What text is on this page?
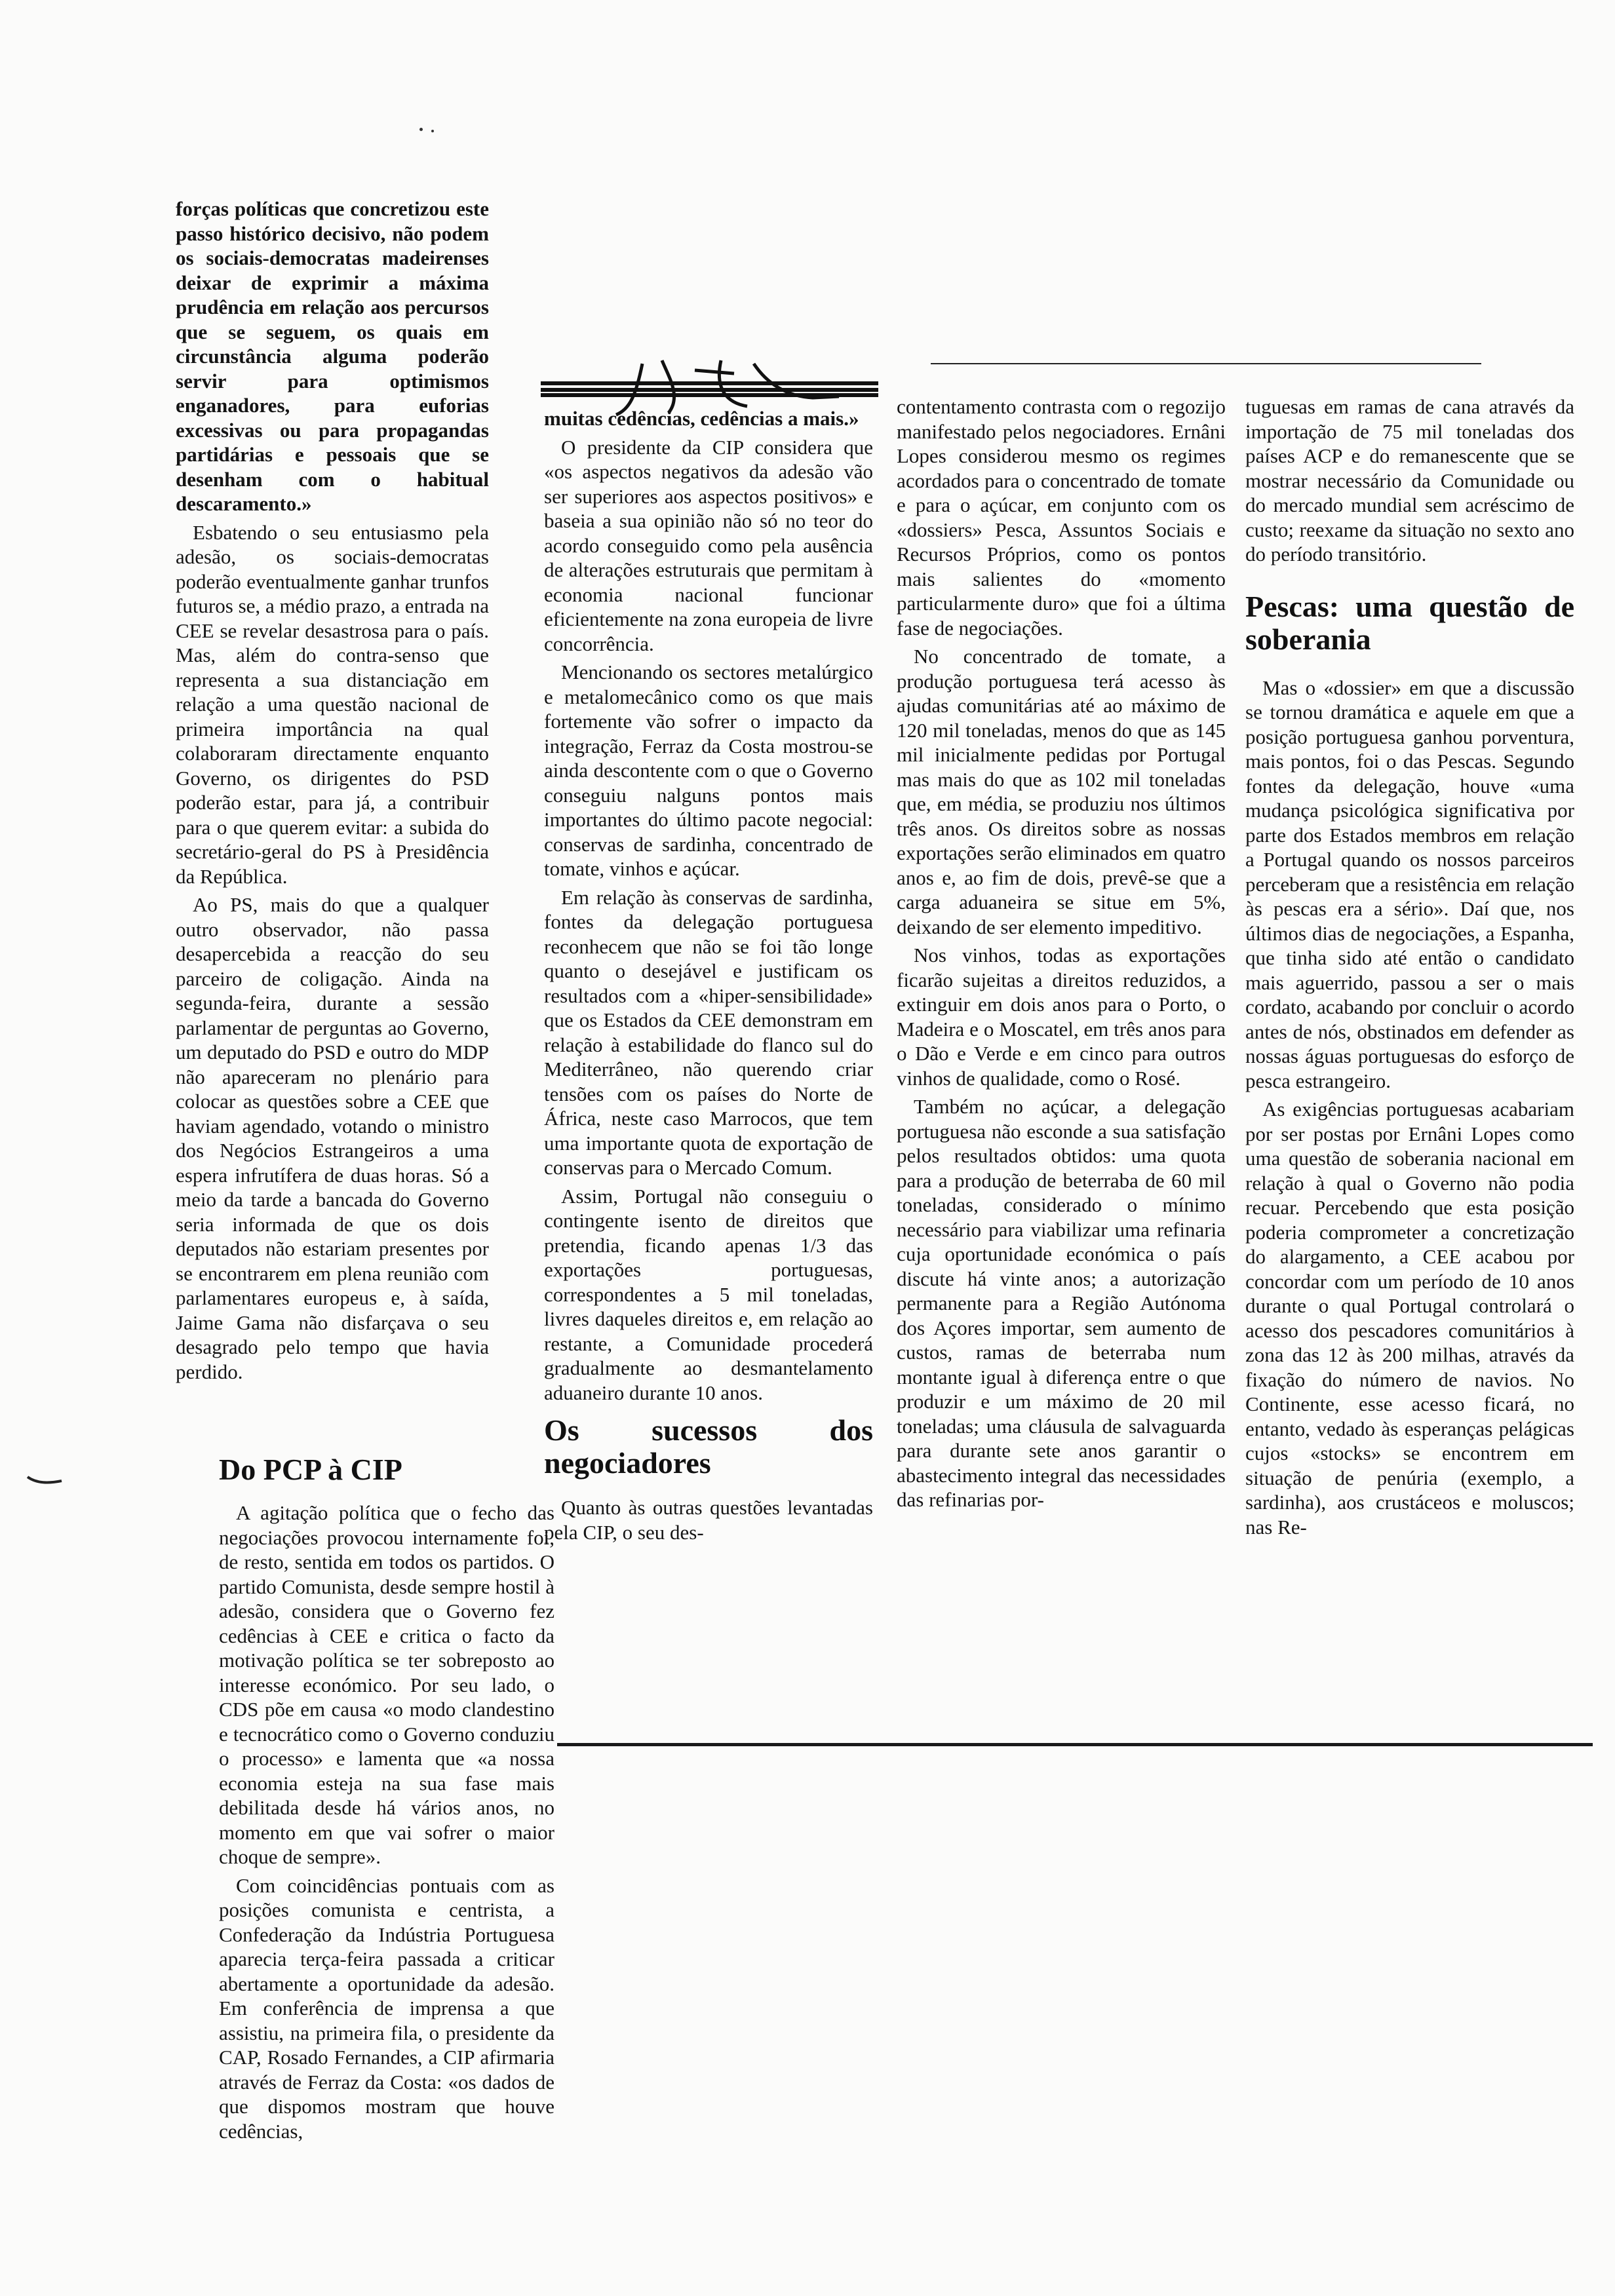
forças políticas que concretizou este passo histórico decisivo, não podem os sociais-democratas madeirenses deixar de exprimir a máxima prudência em relação aos percursos que se seguem, os quais em circunstância alguma poderão servir para optimismos enganadores, para euforias excessivas ou para propagandas partidárias e pessoais que se desenham com o habitual descaramento.»

Esbatendo o seu entusiasmo pela adesão, os sociais-democratas poderão eventualmente ganhar trunfos futuros se, a médio prazo, a entrada na CEE se revelar desastrosa para o país. Mas, além do contra-senso que representa a sua distanciação em relação a uma questão nacional de primeira importância na qual colaboraram directamente enquanto Governo, os dirigentes do PSD poderão estar, para já, a contribuir para o que querem evitar: a subida do secretário-geral do PS à Presidência da República.

Ao PS, mais do que a qualquer outro observador, não passa desapercebida a reacção do seu parceiro de coligação. Ainda na segunda-feira, durante a sessão parlamentar de perguntas ao Governo, um deputado do PSD e outro do MDP não apareceram no plenário para colocar as questões sobre a CEE que haviam agendado, votando o ministro dos Negócios Estrangeiros a uma espera infrutífera de duas horas. Só a meio da tarde a bancada do Governo seria informada de que os dois deputados não estariam presentes por se encontrarem em plena reunião com parlamentares europeus e, à saída, Jaime Gama não disfarçava o seu desagrado pelo tempo que havia perdido.

Do PCP à CIP

A agitação política que o fecho das negociações provocou internamente foi, de resto, sentida em todos os partidos. O partido Comunista, desde sempre hostil à adesão, considera que o Governo fez cedências à CEE e critica o facto da motivação política se ter sobreposto ao interesse económico. Por seu lado, o CDS põe em causa «o modo clandestino e tecnocrático como o Governo conduziu o processo» e lamenta que «a nossa economia esteja na sua fase mais debilitada desde há vários anos, no momento em que vai sofrer o maior choque de sempre».

Com coincidências pontuais com as posições comunista e centrista, a Confederação da Indústria Portuguesa aparecia terça-feira passada a criticar abertamente a oportunidade da adesão. Em conferência de imprensa a que assistiu, na primeira fila, o presidente da CAP, Rosado Fernandes, a CIP afirmaria através de Ferraz da Costa: «os dados de que dispomos mostram que houve cedências,

muitas cedências, cedências a mais.»

O presidente da CIP considera que «os aspectos negativos da adesão vão ser superiores aos aspectos positivos» e baseia a sua opinião não só no teor do acordo conseguido como pela ausência de alterações estruturais que permitam à economia nacional funcionar eficientemente na zona europeia de livre concorrência.

Mencionando os sectores metalúrgico e metalomecânico como os que mais fortemente vão sofrer o impacto da integração, Ferraz da Costa mostrou-se ainda descontente com o que o Governo conseguiu nalguns pontos mais importantes do último pacote negocial: conservas de sardinha, concentrado de tomate, vinhos e açúcar.

Em relação às conservas de sardinha, fontes da delegação portuguesa reconhecem que não se foi tão longe quanto o desejável e justificam os resultados com a «hiper-sensibilidade» que os Estados da CEE demonstram em relação à estabilidade do flanco sul do Mediterrâneo, não querendo criar tensões com os países do Norte de África, neste caso Marrocos, que tem uma importante quota de exportação de conservas para o Mercado Comum.

Assim, Portugal não conseguiu o contingente isento de direitos que pretendia, ficando apenas 1/3 das exportações portuguesas, correspondentes a 5 mil toneladas, livres daqueles direitos e, em relação ao restante, a Comunidade procederá gradualmente ao desmantelamento aduaneiro durante 10 anos.

Os sucessos dos negociadores

Quanto às outras questões levantadas pela CIP, o seu des-

contentamento contrasta com o regozijo manifestado pelos negociadores. Ernâni Lopes considerou mesmo os regimes acordados para o concentrado de tomate e para o açúcar, em conjunto com os «dossiers» Pesca, Assuntos Sociais e Recursos Próprios, como os pontos mais salientes do «momento particularmente duro» que foi a última fase de negociações.

No concentrado de tomate, a produção portuguesa terá acesso às ajudas comunitárias até ao máximo de 120 mil toneladas, menos do que as 145 mil inicialmente pedidas por Portugal mas mais do que as 102 mil toneladas que, em média, se produziu nos últimos três anos. Os direitos sobre as nossas exportações serão eliminados em quatro anos e, ao fim de dois, prevê-se que a carga aduaneira se situe em 5%, deixando de ser elemento impeditivo.

Nos vinhos, todas as exportações ficarão sujeitas a direitos reduzidos, a extinguir em dois anos para o Porto, o Madeira e o Moscatel, em três anos para o Dão e Verde e em cinco para outros vinhos de qualidade, como o Rosé.

Também no açúcar, a delegação portuguesa não esconde a sua satisfação pelos resultados obtidos: uma quota para a produção de beterraba de 60 mil toneladas, considerado o mínimo necessário para viabilizar uma refinaria cuja oportunidade económica o país discute há vinte anos; a autorização permanente para a Região Autónoma dos Açores importar, sem aumento de custos, ramas de beterraba num montante igual à diferença entre o que produzir e um máximo de 20 mil toneladas; uma cláusula de salvaguarda para durante sete anos garantir o abastecimento integral das necessidades das refinarias por-

tuguesas em ramas de cana através da importação de 75 mil toneladas dos países ACP e do remanescente que se mostrar necessário da Comunidade ou do mercado mundial sem acréscimo de custo; reexame da situação no sexto ano do período transitório.

Pescas: uma questão de soberania

Mas o «dossier» em que a discussão se tornou dramática e aquele em que a posição portuguesa ganhou porventura, mais pontos, foi o das Pescas. Segundo fontes da delegação, houve «uma mudança psicológica significativa por parte dos Estados membros em relação a Portugal quando os nossos parceiros perceberam que a resistência em relação às pescas era a sério». Daí que, nos últimos dias de negociações, a Espanha, que tinha sido até então o candidato mais aguerrido, passou a ser o mais cordato, acabando por concluir o acordo antes de nós, obstinados em defender as nossas águas portuguesas do esforço de pesca estrangeiro.

As exigências portuguesas acabariam por ser postas por Ernâni Lopes como uma questão de soberania nacional em relação à qual o Governo não podia recuar. Percebendo que esta posição poderia comprometer a concretização do alargamento, a CEE acabou por concordar com um período de 10 anos durante o qual Portugal controlará o acesso dos pescadores comunitários à zona das 12 às 200 milhas, através da fixação do número de navios. No Continente, esse acesso ficará, no entanto, vedado às esperanças pelágicas cujos «stocks» se encontrem em situação de penúria (exemplo, a sardinha), aos crustáceos e moluscos; nas Re-
